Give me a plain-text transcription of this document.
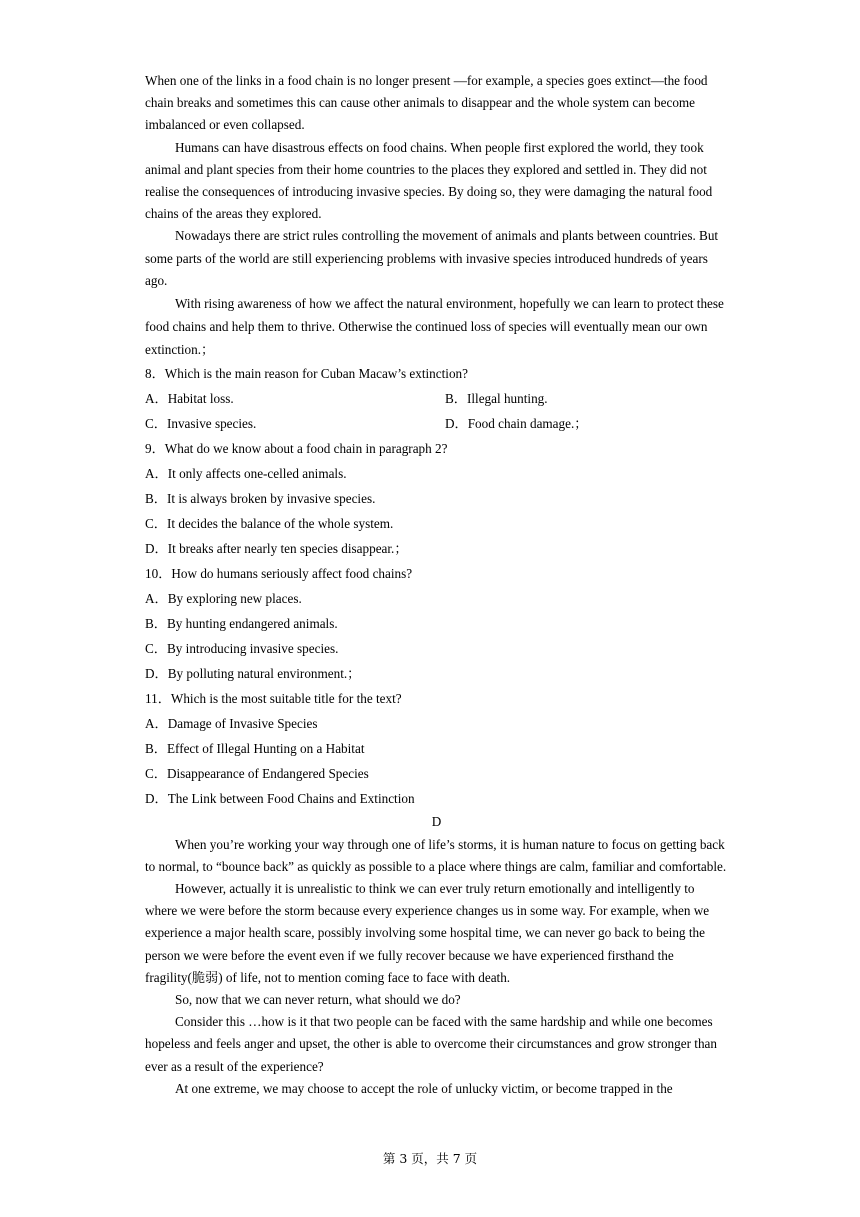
When one of the links in a food chain is no longer present —for example, a species goes extinct—the food chain breaks and sometimes this can cause other animals to disappear and the whole system can become imbalanced or even collapsed.

Humans can have disastrous effects on food chains. When people first explored the world, they took animal and plant species from their home countries to the places they explored and settled in. They did not realise the consequences of introducing invasive species. By doing so, they were damaging the natural food chains of the areas they explored.

Nowadays there are strict rules controlling the movement of animals and plants between countries. But some parts of the world are still experiencing problems with invasive species introduced hundreds of years ago.

With rising awareness of how we affect the natural environment, hopefully we can learn to protect these food chains and help them to thrive. Otherwise the continued loss of species will eventually mean our own extinction.；

8．Which is the main reason for Cuban Macaw’s extinction?

A．Habitat loss.	B．Illegal hunting.
C．Invasive species.	D．Food chain damage.；

9．What do we know about a food chain in paragraph 2?

A．It only affects one-celled animals.

B．It is always broken by invasive species.

C．It decides the balance of the whole system.

D．It breaks after nearly ten species disappear.；

10．How do humans seriously affect food chains?

A．By exploring new places.

B．By hunting endangered animals.

C．By introducing invasive species.

D．By polluting natural environment.；

11．Which is the most suitable title for the text?

A．Damage of Invasive Species

B．Effect of Illegal Hunting on a Habitat

C．Disappearance of Endangered Species

D．The Link between Food Chains and Extinction

D

When you’re working your way through one of life’s storms, it is human nature to focus on getting back to normal, to “bounce back” as quickly as possible to a place where things are calm, familiar and comfortable.

However, actually it is unrealistic to think we can ever truly return emotionally and intelligently to where we were before the storm because every experience changes us in some way. For example, when we experience a major health scare, possibly involving some hospital time, we can never go back to being the person we were before the event even if we fully recover because we have experienced firsthand the fragility(脆弱) of life, not to mention coming face to face with death.

So, now that we can never return, what should we do?

Consider this …how is it that two people can be faced with the same hardship and while one becomes hopeless and feels anger and upset, the other is able to overcome their circumstances and grow stronger than ever as a result of the experience?

At one extreme, we may choose to accept the role of unlucky victim, or become trapped in the

第 3 页，共 7 页
